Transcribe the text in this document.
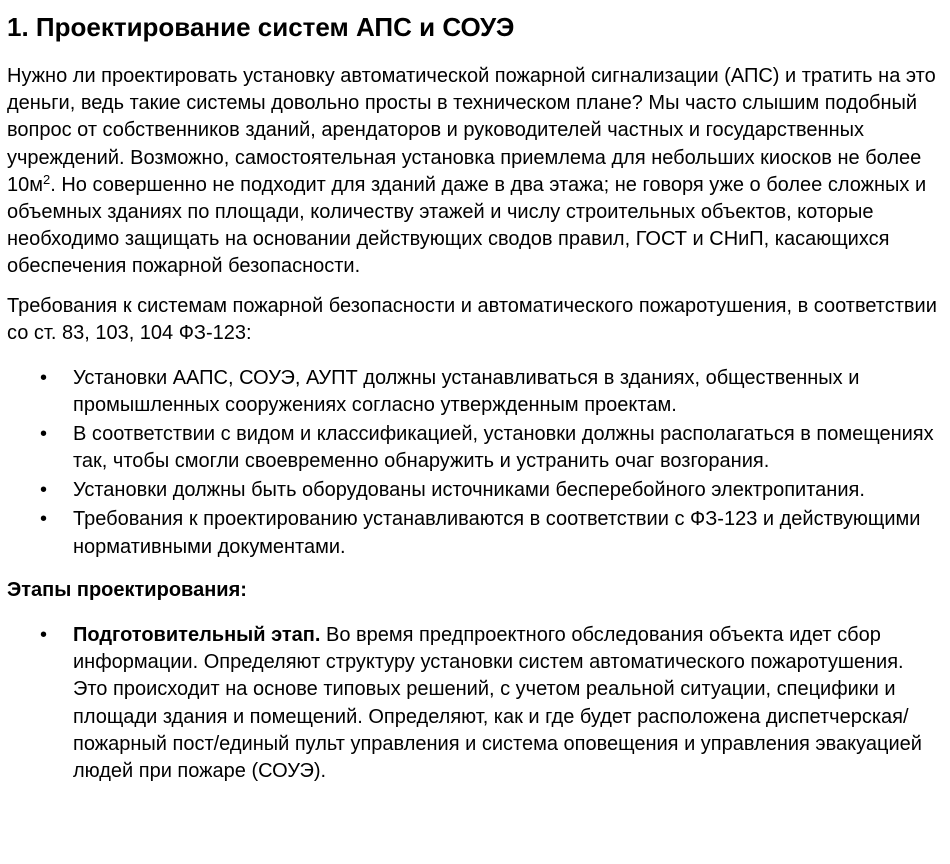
1. Проектирование систем АПС и СОУЭ

Нужно ли проектировать установку автоматической пожарной сигнализации (АПС) и тратить на это деньги, ведь такие системы довольно просты в техническом плане? Мы часто слышим подобный вопрос от собственников зданий, арендаторов и руководителей частных и государственных учреждений. Возможно, самостоятельная установка приемлема для небольших киосков не более $10м^2$. Но совершенно не подходит для зданий даже в два этажа; не говоря уже о более сложных и объемных зданиях по площади, количеству этажей и числу строительных объектов, которые необходимо защищать на основании действующих сводов правил, ГОСТ и СНиП, касающихся обеспечения пожарной безопасности.

Требования к системам пожарной безопасности и автоматического пожаротушения, в соответствии со ст. 83, 103, 104 ФЗ-123:

• Установки ААПС, СОУЭ, АУПТ должны устанавливаться в зданиях, общественных и промышленных сооружениях согласно утвержденным проектам.
• В соответствии с видом и классификацией, установки должны располагаться в помещениях так, чтобы смогли своевременно обнаружить и устранить очаг возгорания.
• Установки должны быть оборудованы источниками бесперебойного электропитания.
• Требования к проектированию устанавливаются в соответствии с ФЗ-123 и действующими нормативными документами.

Этапы проектирования:

• Подготовительный этап. Во время предпроектного обследования объекта идет сбор информации. Определяют структуру установки систем автоматического пожаротушения. Это происходит на основе типовых решений, с учетом реальной ситуации, специфики и площади здания и помещений. Определяют, как и где будет расположена диспетчерская/пожарный пост/единый пульт управления и система оповещения и управления эвакуацией людей при пожаре (СОУЭ).
